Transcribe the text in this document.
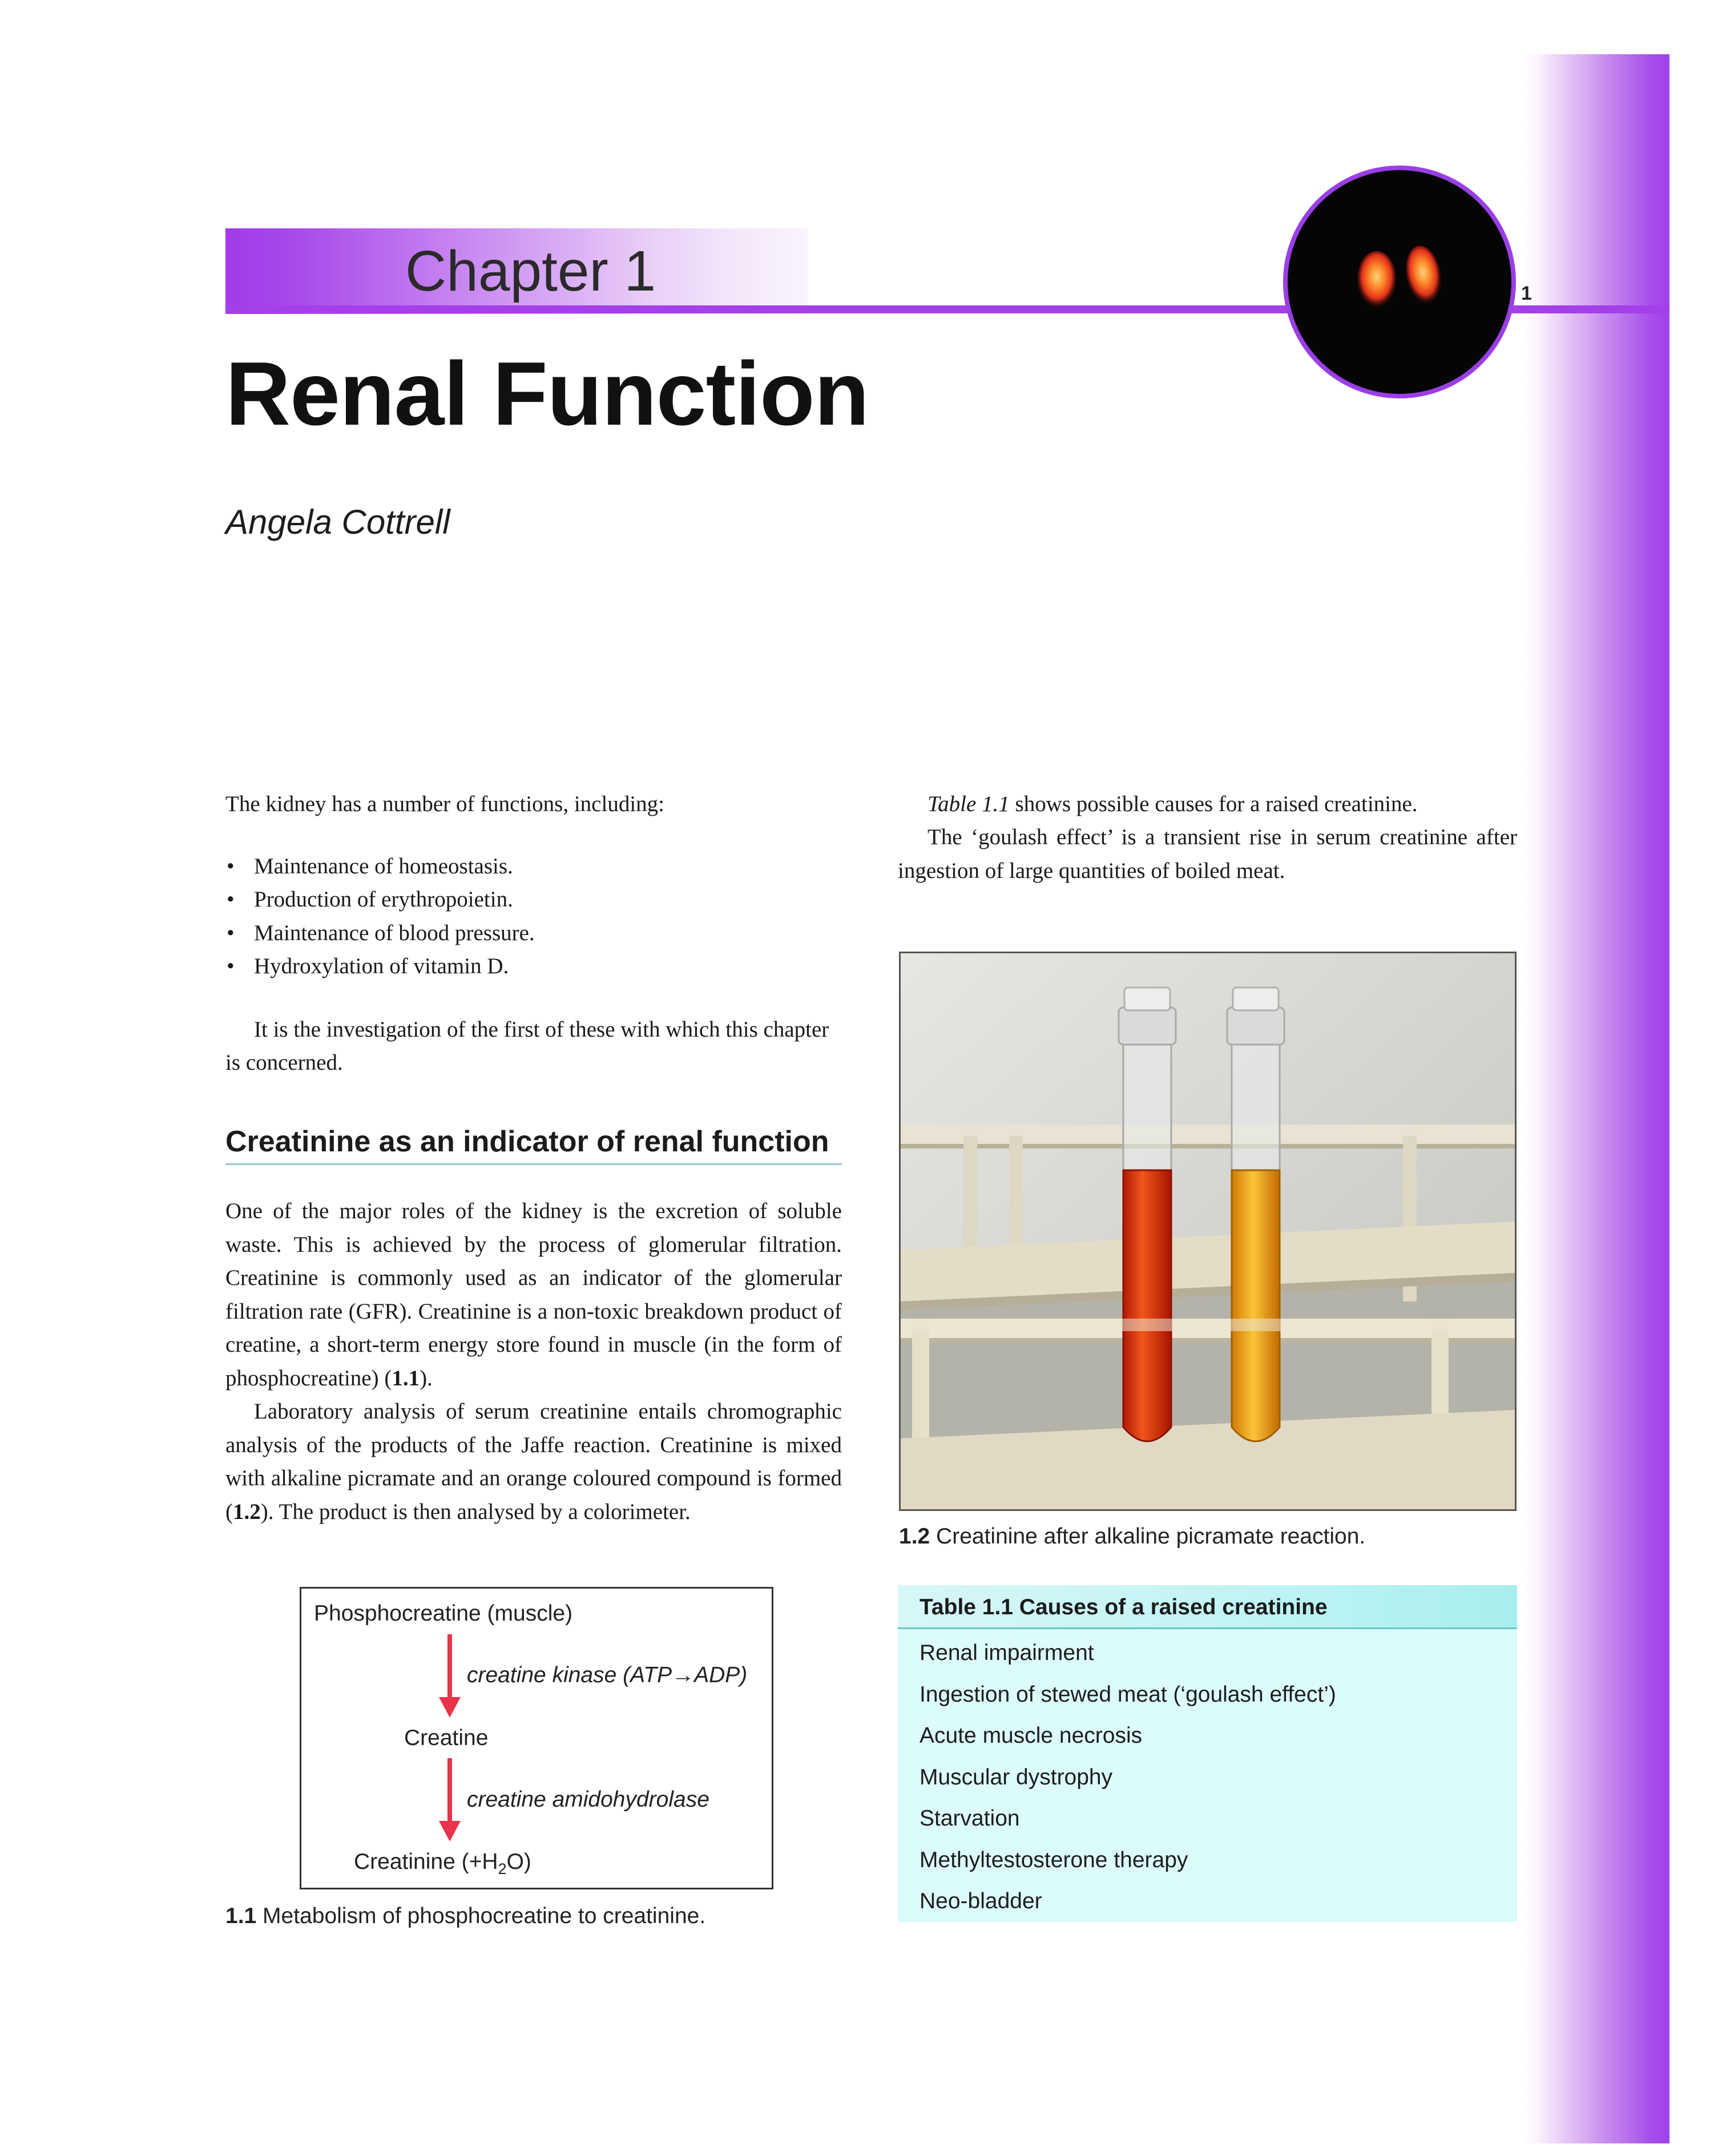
Chapter 1	1
Renal Function
Angela Cottrell

The kidney has a number of functions, including:

• Maintenance of homeostasis.
• Production of erythropoietin.
• Maintenance of blood pressure.
• Hydroxylation of vitamin D.

It is the investigation of the first of these with which this chapter is concerned.

Creatinine as an indicator of renal function

One of the major roles of the kidney is the excretion of soluble waste. This is achieved by the process of glomerular filtration. Creatinine is commonly used as an indicator of the glomerular filtration rate (GFR). Creatinine is a non-toxic breakdown product of creatine, a short-term energy store found in muscle (in the form of phosphocreatine) (1.1).

Laboratory analysis of serum creatinine entails chromographic analysis of the products of the Jaffe reaction. Creatinine is mixed with alkaline picramate and an orange coloured compound is formed (1.2). The product is then analysed by a colorimeter.

Phosphocreatine (muscle)
creatine kinase (ATP→ADP)
Creatine
creatine amidohydrolase
Creatinine $(+H_2O)$
1.1 Metabolism of phosphocreatine to creatinine.

Table 1.1 shows possible causes for a raised creatinine.

The ‘goulash effect’ is a transient rise in serum creatinine after ingestion of large quantities of boiled meat.

1.2 Creatinine after alkaline picramate reaction.
Table 1.1 Causes of a raised creatinine
Renal impairment
Ingestion of stewed meat (‘goulash effect’)
Acute muscle necrosis
Muscular dystrophy
Starvation
Methyltestosterone therapy
Neo-bladder
